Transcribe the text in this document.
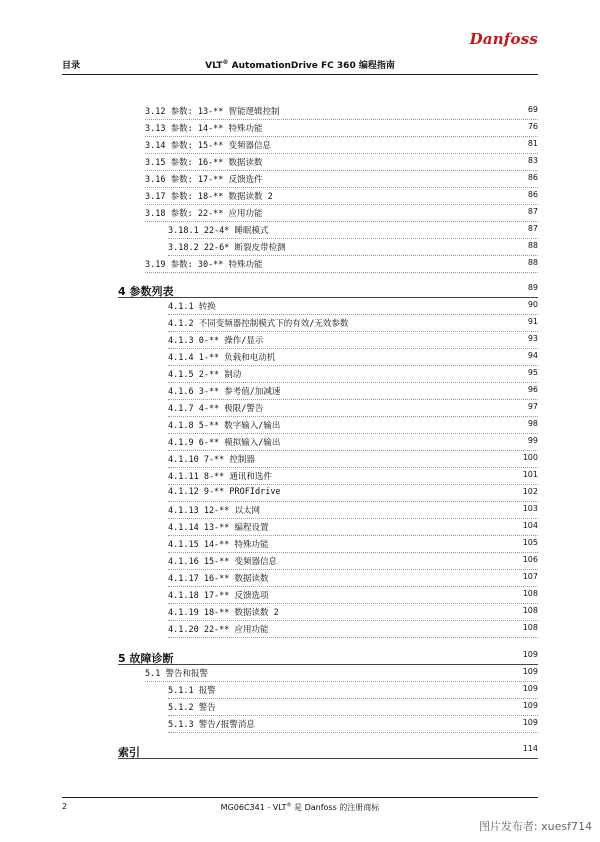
Danfoss
目录	VLT® AutomationDrive FC 360 编程指南
3.12 参数: 13-** 智能逻辑控制	69
3.13 参数: 14-** 特殊功能	76
3.14 参数: 15-** 变频器信息	81
3.15 参数: 16-** 数据读数	83
3.16 参数: 17-** 反馈选件	86
3.17 参数: 18-** 数据读数 2	86
3.18 参数: 22-** 应用功能	87
3.18.1 22-4* 睡眠模式	87
3.18.2 22-6* 断裂皮带检测	88
3.19 参数: 30-** 特殊功能	88
4 参数列表	89
4.1.1 转换	90
4.1.2 不同变频器控制模式下的有效/无效参数	91
4.1.3 0-** 操作/显示	93
4.1.4 1-** 负载和电动机	94
4.1.5 2-** 制动	95
4.1.6 3-** 参考值/加减速	96
4.1.7 4-** 极限/警告	97
4.1.8 5-** 数字输入/输出	98
4.1.9 6-** 模拟输入/输出	99
4.1.10 7-** 控制器	100
4.1.11 8-** 通讯和选件	101
4.1.12 9-** PROFIdrive	102
4.1.13 12-** 以太网	103
4.1.14 13-** 编程设置	104
4.1.15 14-** 特殊功能	105
4.1.16 15-** 变频器信息	106
4.1.17 16-** 数据读数	107
4.1.18 17-** 反馈选项	108
4.1.19 18-** 数据读数 2	108
4.1.20 22-** 应用功能	108
5 故障诊断	109
5.1 警告和报警	109
5.1.1 报警	109
5.1.2 警告	109
5.1.3 警告/报警消息	109
索引	114
2	MG06C341 - VLT® 是 Danfoss 的注册商标
图片发布者: xuesf714
